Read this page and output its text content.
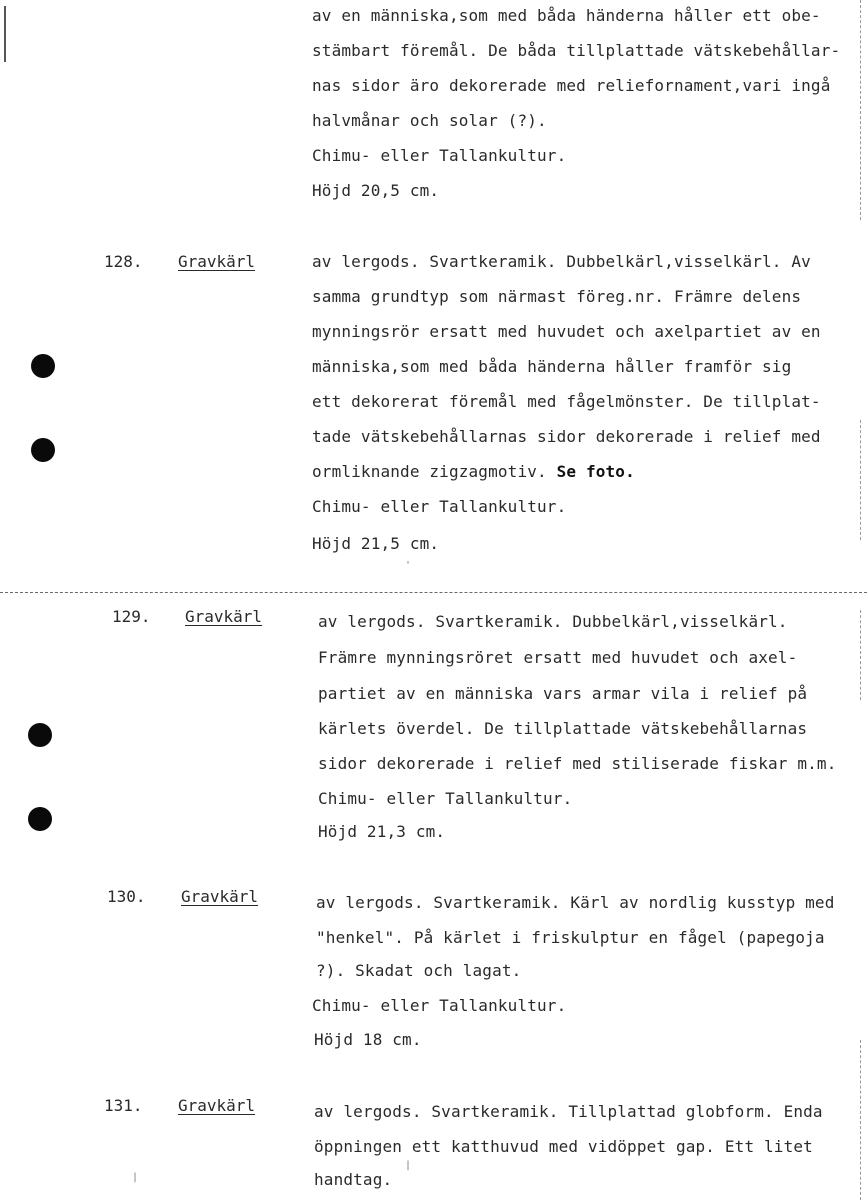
av en människa,som med båda händerna håller ett obe-
stämbart föremål. De båda tillplattade vätskebehållar-
nas sidor äro dekorerade med reliefornament,vari ingå
halvmånar och solar (?).
Chimu- eller Tallankultur.
Höjd 20,5 cm.
128. Gravkärl	av lergods. Svartkeramik. Dubbelkärl,visselkärl. Av
samma grundtyp som närmast föreg.nr. Främre delens
mynningsrör ersatt med huvudet och axelpartiet av en
människa,som med båda händerna håller framför sig
ett dekorerat föremål med fågelmönster. De tillplat-
tade vätskebehållarnas sidor dekorerade i relief med
ormliknande zigzagmotiv. Se foto.
Chimu- eller Tallankultur.
Höjd 21,5 cm.
129. Gravkärl	av lergods. Svartkeramik. Dubbelkärl,visselkärl.
Främre mynningsröret ersatt med huvudet och axel-
partiet av en människa vars armar vila i relief på
kärlets överdel. De tillplattade vätskebehållarnas
sidor dekorerade i relief med stiliserade fiskar m.m.
Chimu- eller Tallankultur.
Höjd 21,3 cm.
130. Gravkärl	av lergods. Svartkeramik. Kärl av nordlig kusstyp med
"henkel". På kärlet i friskulptur en fågel (papegoja
?). Skadat och lagat.
Chimu- eller Tallankultur.
Höjd 18 cm.
131. Gravkärl	av lergods. Svartkeramik. Tillplattad globform. Enda
öppningen ett katthuvud med vidöppet gap. Ett litet
handtag.
|
|
'
